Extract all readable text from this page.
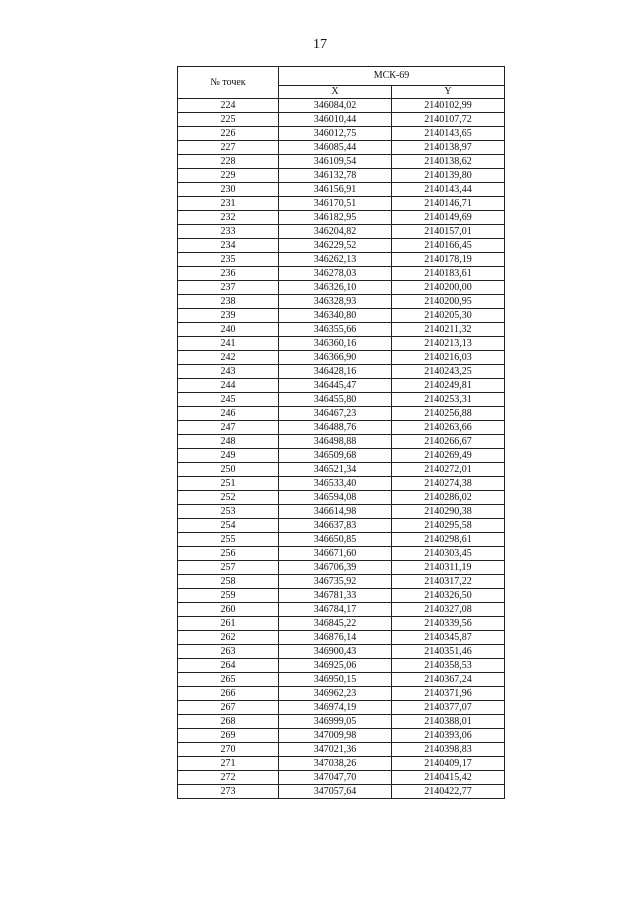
17
№ точек	МСК-69	
	X	Y
224	346084,02	2140102,99
225	346010,44	2140107,72
226	346012,75	2140143,65
227	346085,44	2140138,97
228	346109,54	2140138,62
229	346132,78	2140139,80
230	346156,91	2140143,44
231	346170,51	2140146,71
232	346182,95	2140149,69
233	346204,82	2140157,01
234	346229,52	2140166,45
235	346262,13	2140178,19
236	346278,03	2140183,61
237	346326,10	2140200,00
238	346328,93	2140200,95
239	346340,80	2140205,30
240	346355,66	2140211,32
241	346360,16	2140213,13
242	346366,90	2140216,03
243	346428,16	2140243,25
244	346445,47	2140249,81
245	346455,80	2140253,31
246	346467,23	2140256,88
247	346488,76	2140263,66
248	346498,88	2140266,67
249	346509,68	2140269,49
250	346521,34	2140272,01
251	346533,40	2140274,38
252	346594,08	2140286,02
253	346614,98	2140290,38
254	346637,83	2140295,58
255	346650,85	2140298,61
256	346671,60	2140303,45
257	346706,39	2140311,19
258	346735,92	2140317,22
259	346781,33	2140326,50
260	346784,17	2140327,08
261	346845,22	2140339,56
262	346876,14	2140345,87
263	346900,43	2140351,46
264	346925,06	2140358,53
265	346950,15	2140367,24
266	346962,23	2140371,96
267	346974,19	2140377,07
268	346999,05	2140388,01
269	347009,98	2140393,06
270	347021,36	2140398,83
271	347038,26	2140409,17
272	347047,70	2140415,42
273	347057,64	2140422,77
